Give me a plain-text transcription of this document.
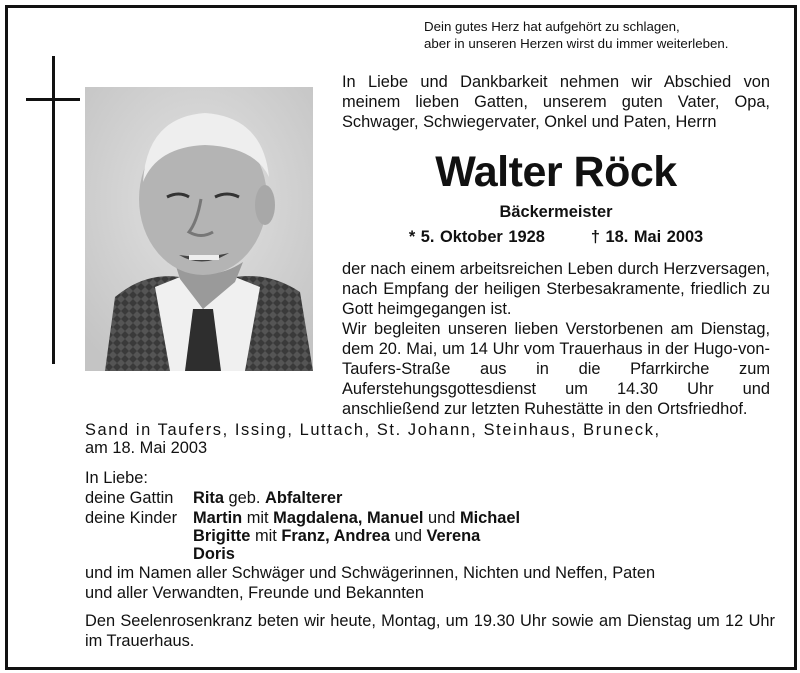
Dein gutes Herz hat aufgehört zu schlagen,
aber in unseren Herzen wirst du immer weiterleben.

In Liebe und Dankbarkeit nehmen wir Abschied von meinem lieben Gatten, unserem guten Vater, Opa, Schwager, Schwiegervater, Onkel und Paten, Herrn

Walter Röck
Bäckermeister
* 5. Oktober 1928	† 18. Mai 2003

der nach einem arbeitsreichen Leben durch Herzversagen, nach Empfang der heiligen Sterbesakramente, friedlich zu Gott heimgegangen ist.

Wir begleiten unseren lieben Verstorbenen am Dienstag, dem 20. Mai, um 14 Uhr vom Trauerhaus in der Hugo-von-Taufers-Straße aus in die Pfarrkirche zum Auferstehungsgottesdienst um 14.30 Uhr und anschließend zur letzten Ruhestätte in den Ortsfriedhof.

Sand in Taufers, Issing, Luttach, St. Johann, Steinhaus, Bruneck,
am 18. Mai 2003
In Liebe:
deine Gattin Rita geb. Abfalterer
deine Kinder Martin mit Magdalena, Manuel und Michael
Brigitte mit Franz, Andrea und Verena
Doris
und im Namen aller Schwäger und Schwägerinnen, Nichten und Neffen, Paten
und aller Verwandten, Freunde und Bekannten
Den Seelenrosenkranz beten wir heute, Montag, um 19.30 Uhr sowie am Dienstag um 12 Uhr im Trauerhaus.
